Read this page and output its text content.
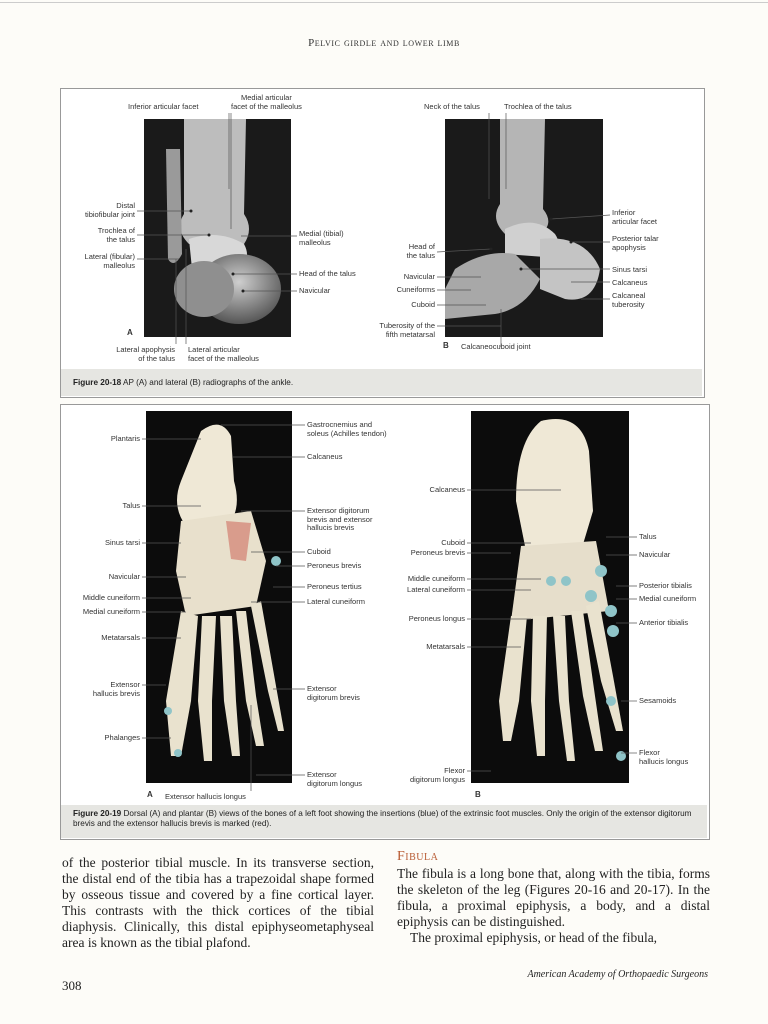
Pelvic girdle and lower limb
Medial articular
facet of the malleolus
Inferior articular facet
Distal
tibiofibular joint
Trochlea of
the talus
Lateral (fibular)
malleolus
Medial (tibial)
malleolus
Head of the talus
Navicular
A
Lateral apophysis
of the talus
Lateral articular
facet of the malleolus
Neck of the talus	Trochlea of the talus
Inferior
articular facet
Posterior talar
apophysis
Head of
the talus
Sinus tarsi
Navicular
Calcaneus
Cuneiforms
Calcaneal
tuberosity
Cuboid
Tuberosity of the
fifth metatarsal
B Calcaneocuboid joint
Figure 20-18 AP (A) and lateral (B) radiographs of the ankle.
Plantaris
Talus
Sinus tarsi
Navicular
Middle cuneiform
Medial cuneiform
Metatarsals
Extensor
hallucis brevis
Phalanges
Gastrocnemius and
soleus (Achilles tendon)
Calcaneus
Extensor digitorum
brevis and extensor
hallucis brevis
Cuboid
Peroneus brevis
Peroneus tertius
Lateral cuneiform
Extensor
digitorum brevis
Extensor
digitorum longus
A Extensor hallucis longus
Calcaneus
Cuboid
Peroneus brevis
Middle cuneiform
Lateral cuneiform
Peroneus longus
Metatarsals
Flexor
digitorum longus
B
Talus
Navicular
Posterior tibialis
Medial cuneiform
Anterior tibialis
Sesamoids
Flexor
hallucis longus
Figure 20-19 Dorsal (A) and plantar (B) views of the bones of a left foot showing the insertions (blue) of the extrinsic foot muscles. Only the origin of the extensor digitorum brevis and the extensor hallucis brevis is marked (red).
of the posterior tibial muscle. In its transverse section, the distal end of the tibia has a trapezoidal shape formed by osseous tissue and covered by a fine cortical layer. This contrasts with the thick cortices of the tibial diaphysis. Clinically, this distal epiphyseometaphyseal area is known as the tibial plafond.
Fibula
The fibula is a long bone that, along with the tibia, forms the skeleton of the leg (Figures 20-16 and 20-17). In the fibula, a proximal epiphysis, a body, and a distal epiphysis can be distinguished.
The proximal epiphysis, or head of the fibula,
308
American Academy of Orthopaedic Surgeons
